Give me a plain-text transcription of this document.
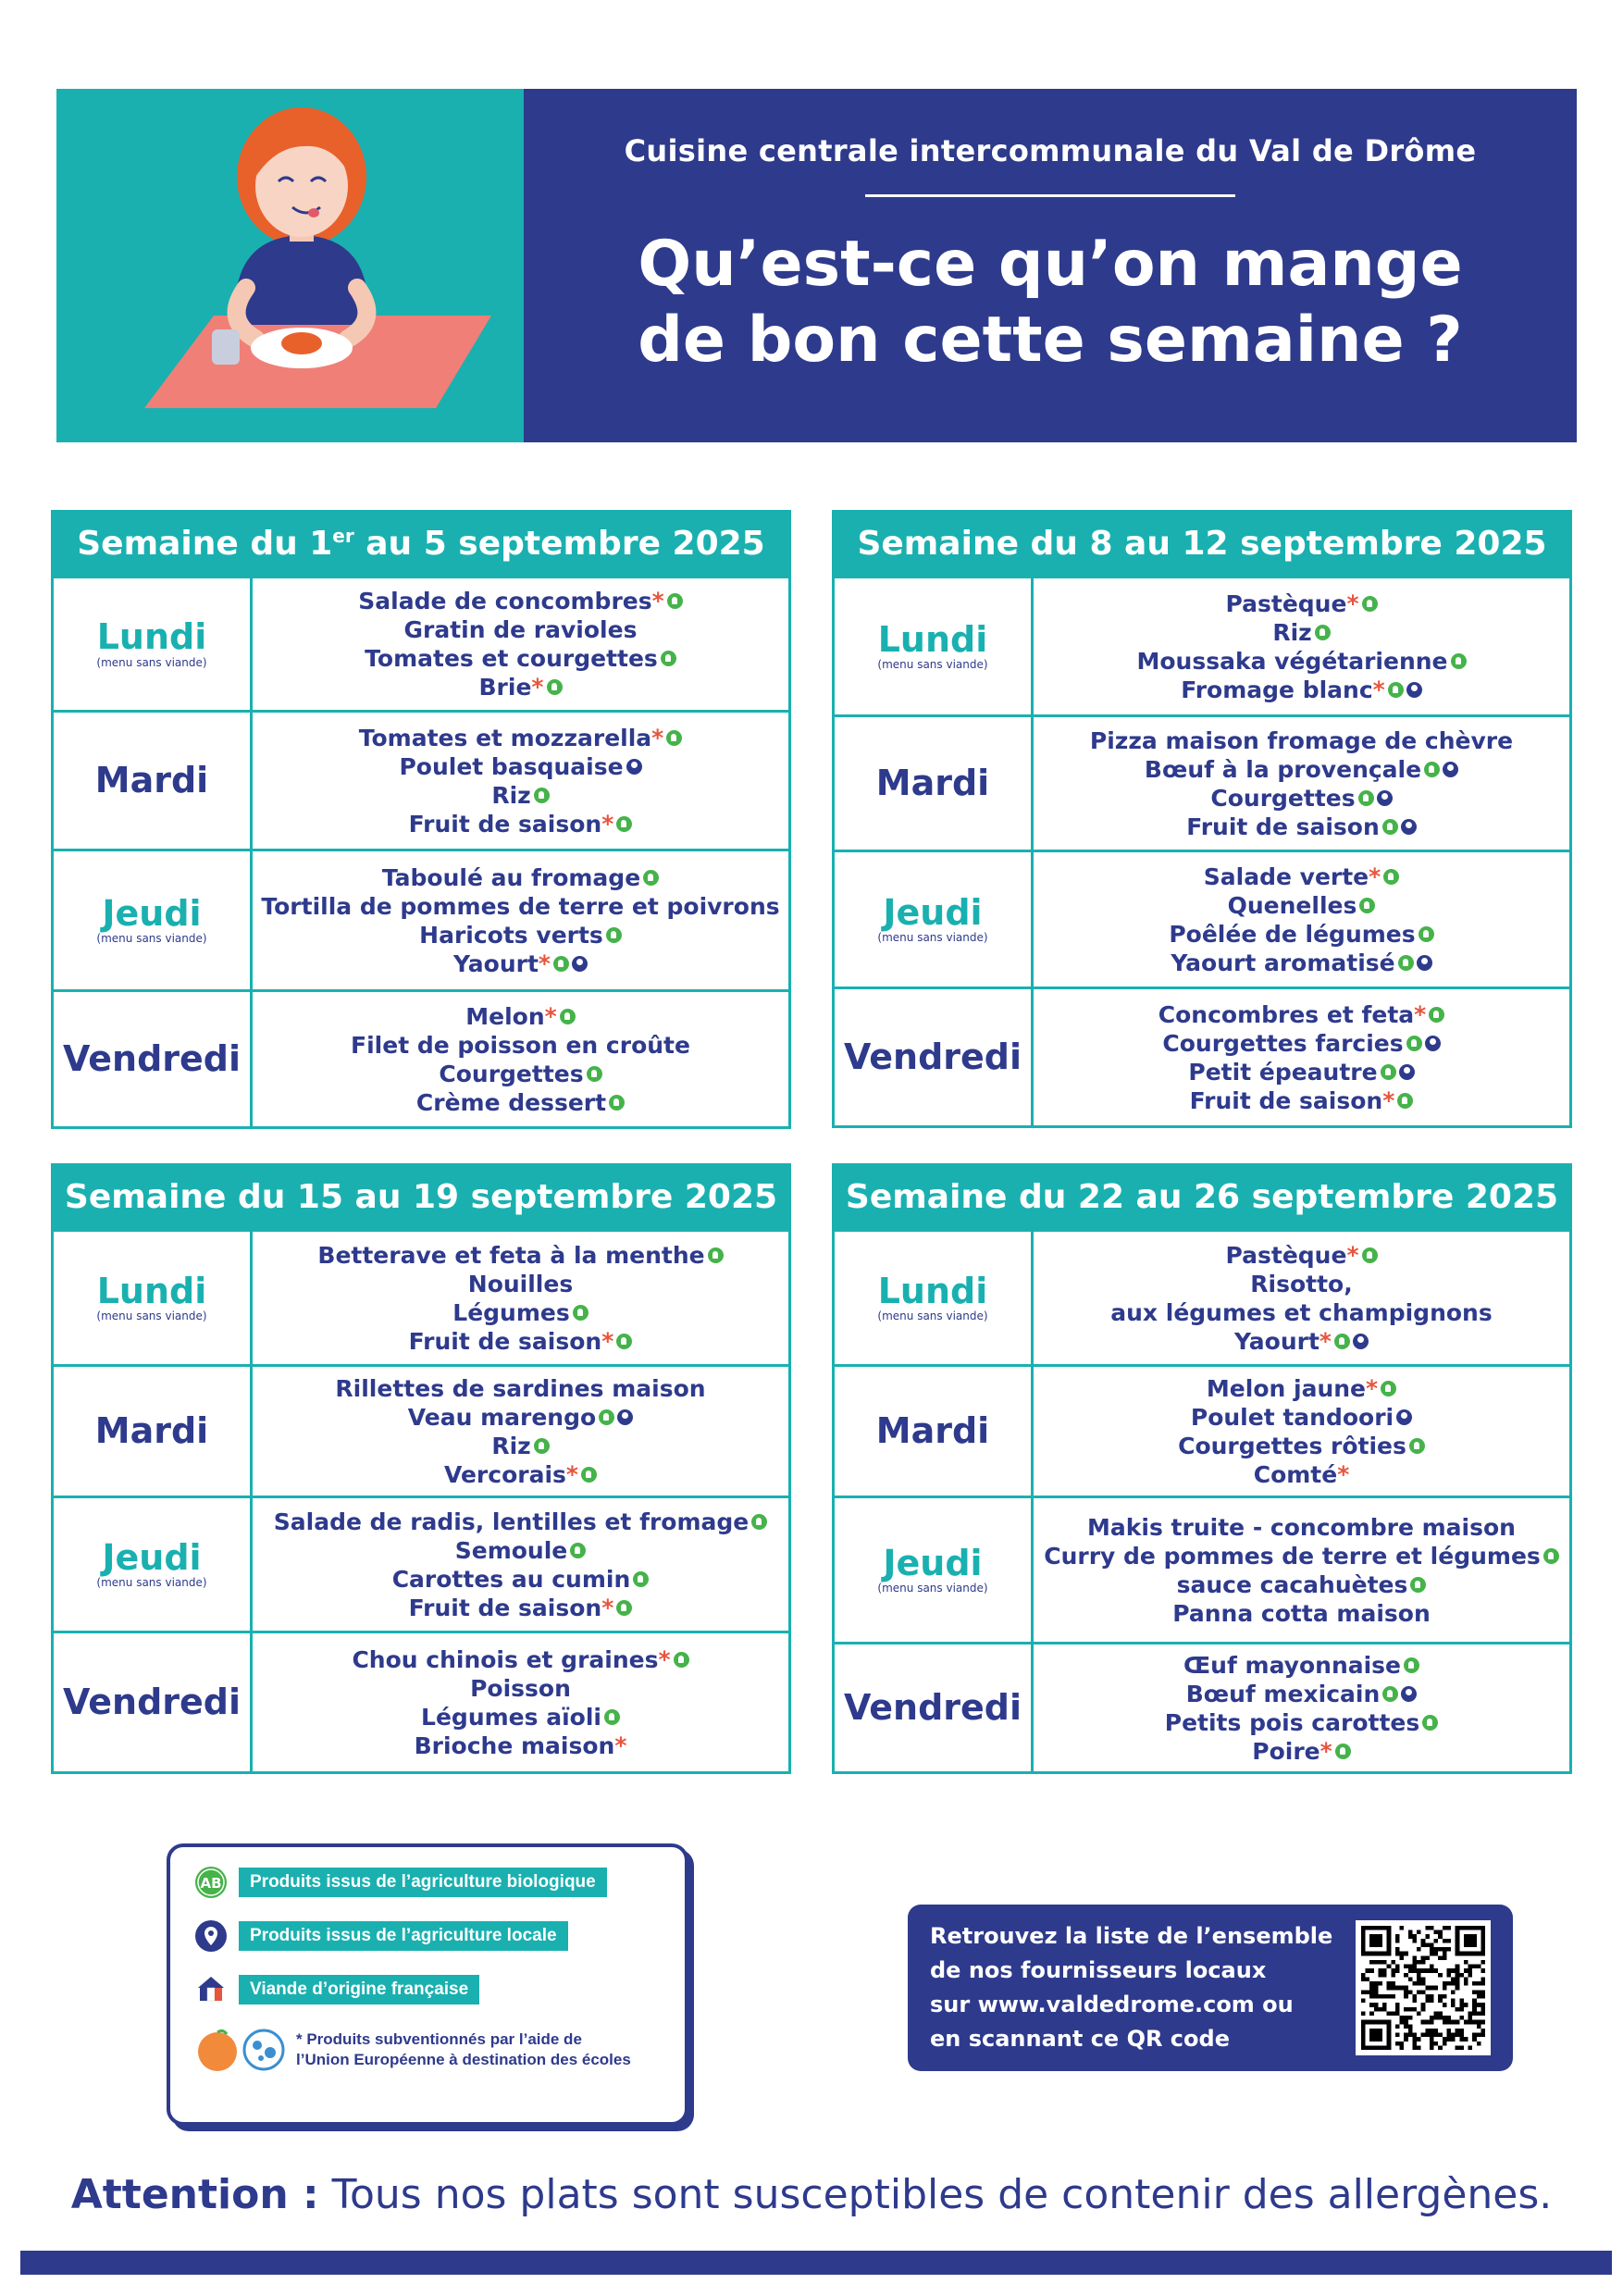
Cuisine centrale intercommunale du Val de Drôme
Qu’est-ce qu’on mange
de bon cette semaine ?
Semaine du 1er au 5 septembre 2025
Lundi
(menu sans viande)
Salade de concombres *
Gratin de ravioles
Tomates et courgettes
Brie *
Mardi
Tomates et mozzarella *
Poulet basquaise
Riz
Fruit de saison *
Jeudi
(menu sans viande)
Taboulé au fromage
Tortilla de pommes de terre et poivrons
Haricots verts
Yaourt *
Vendredi
Melon *
Filet de poisson en croûte
Courgettes
Crème dessert
Semaine du 8 au 12 septembre 2025
Lundi
(menu sans viande)
Pastèque *
Riz
Moussaka végétarienne
Fromage blanc *
Mardi
Pizza maison fromage de chèvre
Bœuf à la provençale
Courgettes
Fruit de saison
Jeudi
(menu sans viande)
Salade verte *
Quenelles
Poêlée de légumes
Yaourt aromatisé
Vendredi
Concombres et feta *
Courgettes farcies
Petit épeautre
Fruit de saison *
Semaine du 15 au 19 septembre 2025
Lundi
(menu sans viande)
Betterave et feta à la menthe
Nouilles
Légumes
Fruit de saison *
Mardi
Rillettes de sardines maison
Veau marengo
Riz
Vercorais *
Jeudi
(menu sans viande)
Salade de radis, lentilles et fromage
Semoule
Carottes au cumin
Fruit de saison *
Vendredi
Chou chinois et graines *
Poisson
Légumes aïoli
Brioche maison *
Semaine du 22 au 26 septembre 2025
Lundi
(menu sans viande)
Pastèque *
Risotto,
aux légumes et champignons
Yaourt *
Mardi
Melon jaune *
Poulet tandoori
Courgettes rôties
Comté *
Jeudi
(menu sans viande)
Makis truite - concombre maison
Curry de pommes de terre et légumes
sauce cacahuètes
Panna cotta maison
Vendredi
Œuf mayonnaise
Bœuf mexicain
Petits pois carottes
Poire *
AB	Produits issus de l’agriculture biologique
Produits issus de l’agriculture locale
Viande d’origine française
* Produits subventionnés par l’aide de
l’Union Européenne à destination des écoles
Retrouvez la liste de l’ensemble
de nos fournisseurs locaux
sur www.valdedrome.com ou
en scannant ce QR code
Attention : Tous nos plats sont susceptibles de contenir des allergènes.
